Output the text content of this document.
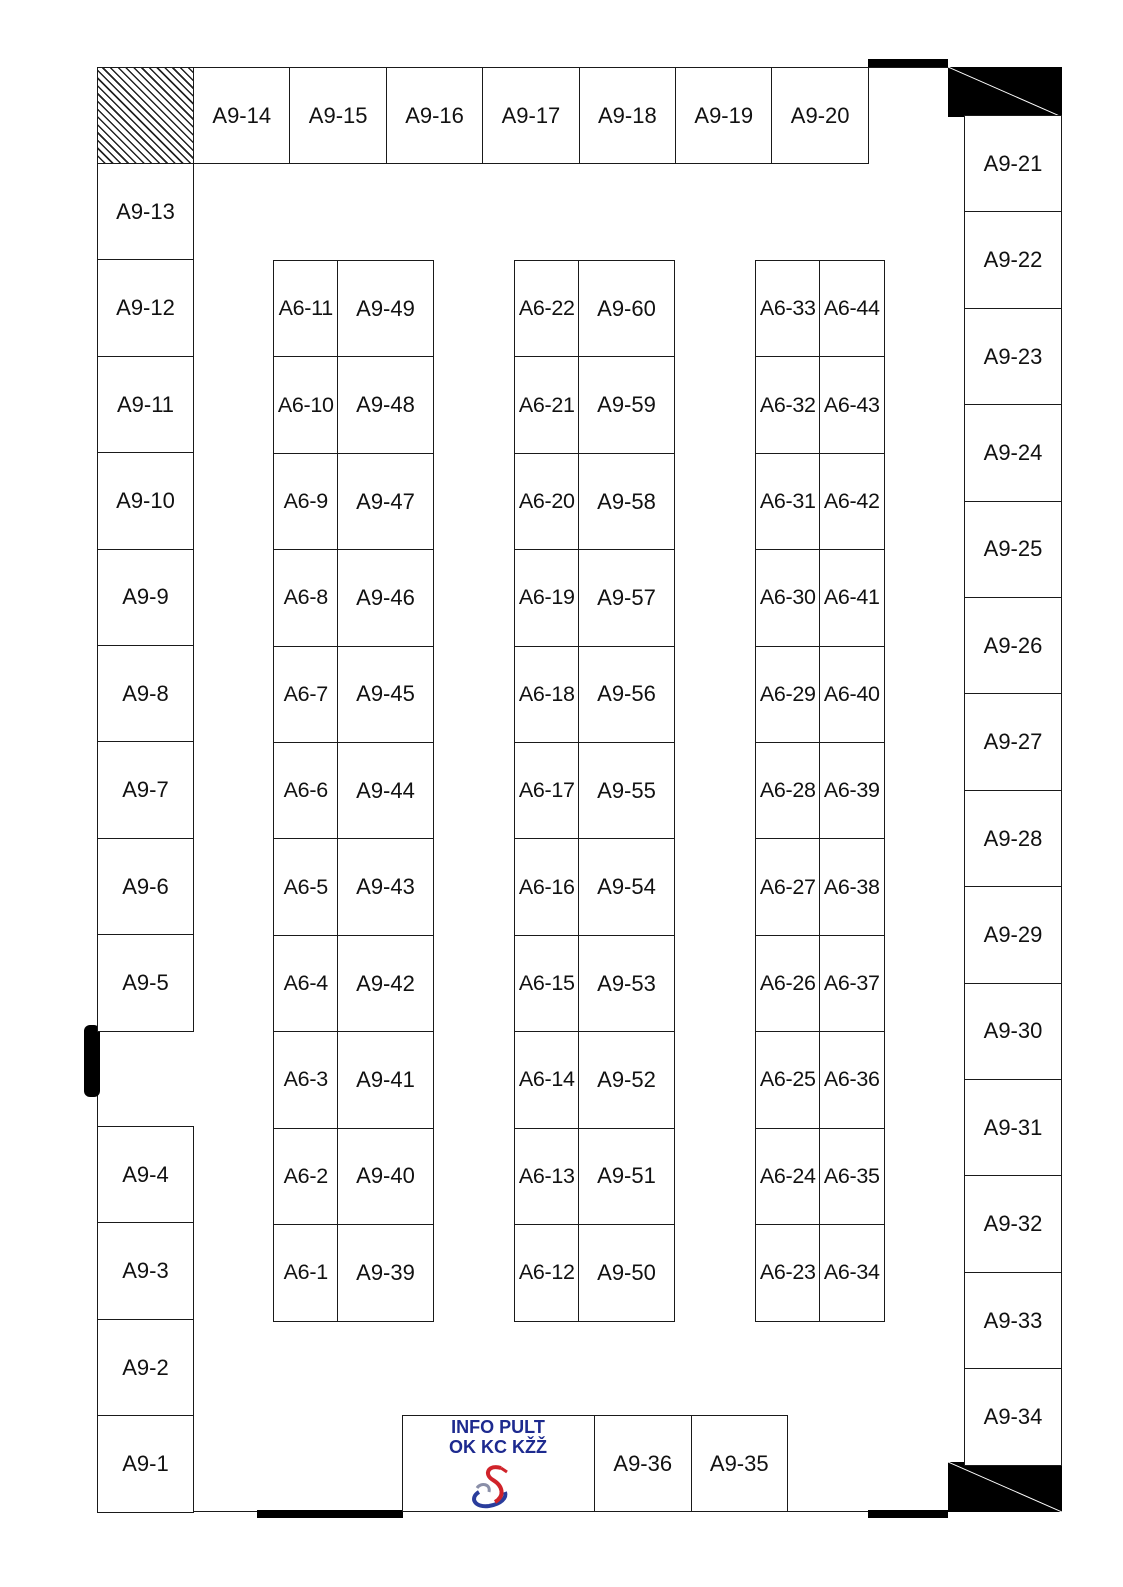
INFO PULT
OK KC KŽŽ
A9-14	A9-15	A9-16	A9-17	A9-18	A9-19	A9-20
A9-13
A9-12
A9-11
A9-10
A9-9
A9-8
A9-7
A9-6
A9-5
A9-4
A9-3
A9-2
A9-1
A9-21
A9-22
A9-23
A9-24
A9-25
A9-26
A9-27
A9-28
A9-29
A9-30
A9-31
A9-32
A9-33
A9-34
A9-36	A9-35
A6-11	A9-49	A6-22	A9-60	A6-33 A6-44
A6-10	A9-48	A6-21	A9-59	A6-32 A6-43
A6-9	A9-47	A6-20	A9-58	A6-31 A6-42
A6-8	A9-46	A6-19	A9-57	A6-30 A6-41
A6-7	A9-45	A6-18	A9-56	A6-29 A6-40
A6-6	A9-44	A6-17	A9-55	A6-28 A6-39
A6-5	A9-43	A6-16	A9-54	A6-27 A6-38
A6-4	A9-42	A6-15	A9-53	A6-26 A6-37
A6-3	A9-41	A6-14	A9-52	A6-25 A6-36
A6-2	A9-40	A6-13	A9-51	A6-24 A6-35
A6-1	A9-39	A6-12	A9-50	A6-23 A6-34
